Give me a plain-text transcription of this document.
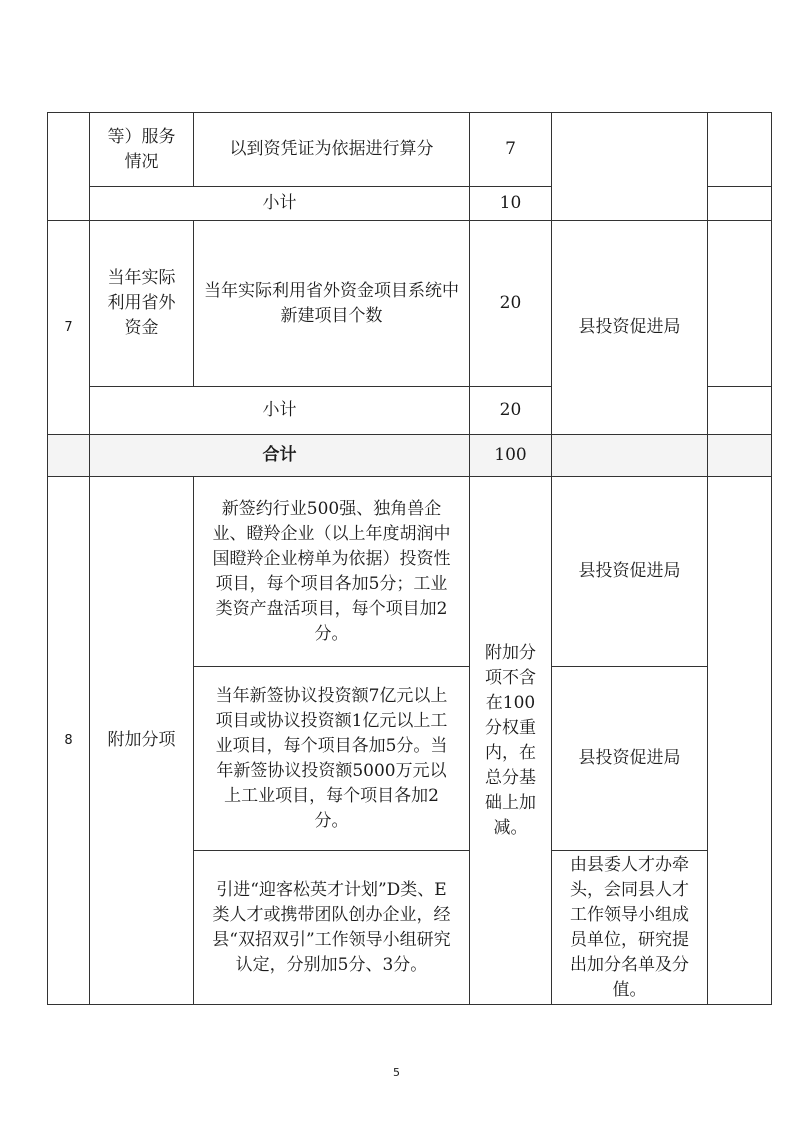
	等）服务情况	以到资凭证为依据进行算分	7		
	小计		10		
7	当年实际利用省外资金	当年实际利用省外资金项目系统中新建项目个数	20	县投资促进局	
	小计		20		
	合计		100		
8	附加分项	新签约行业500强、独角兽企业、瞪羚企业（以上年度胡润中国瞪羚企业榜单为依据）投资性项目，每个项目各加5分；工业类资产盘活项目，每个项目加2分。	附加分项不含在100分权重内，在总分基础上加减。	县投资促进局	
		当年新签协议投资额7亿元以上项目或协议投资额1亿元以上工业项目，每个项目各加5分。当年新签协议投资额5000万元以上工业项目，每个项目各加2分。		县投资促进局	
		引进“迎客松英才计划”D类、E类人才或携带团队创办企业，经县“双招双引”工作领导小组研究认定，分别加5分、3分。		由县委人才办牵头，会同县人才工作领导小组成员单位，研究提出加分名单及分值。	
5
